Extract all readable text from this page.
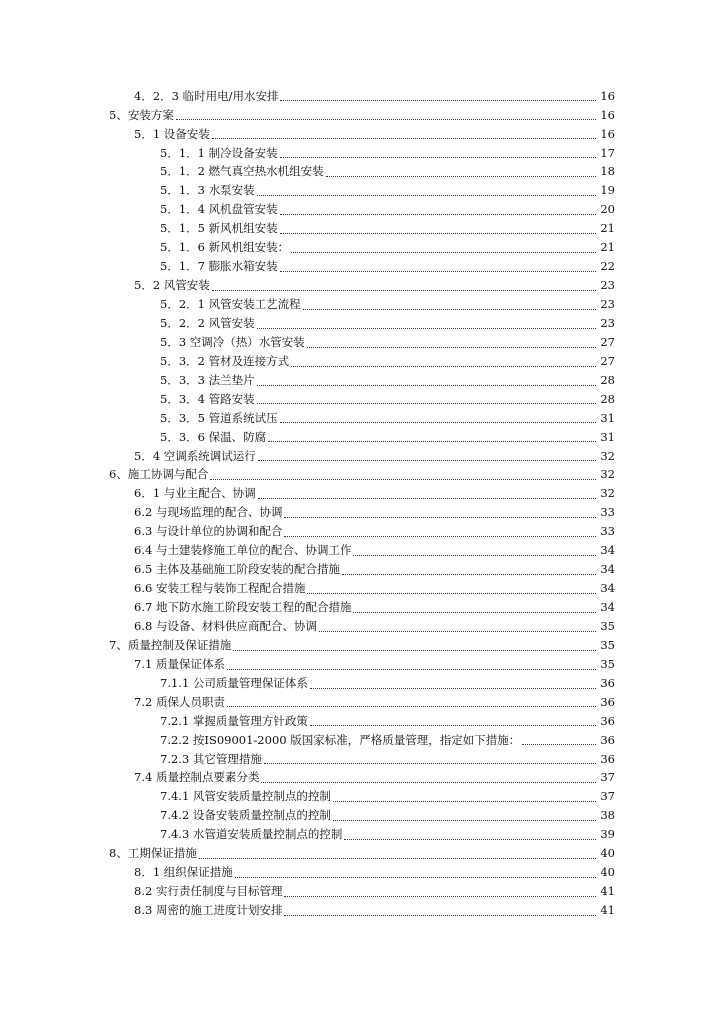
4．2．3 临时用电/用水安排	16
5、安装方案	16
5．1 设备安装	16
5．1．1 制冷设备安装	17
5．1．2 燃气真空热水机组安装	18
5．1．3 水泵安装	19
5．1．4 风机盘管安装	20
5．1．5 新风机组安装	21
5．1．6 新风机组安装：	21
5．1．7 膨胀水箱安装	22
5．2 风管安装	23
5．2．1 风管安装工艺流程	23
5．2．2 风管安装	23
5．3 空调冷（热）水管安装	27
5．3．2 管材及连接方式	27
5．3．3 法兰垫片	28
5．3．4 管路安装	28
5．3．5 管道系统试压	31
5．3．6 保温、防腐	31
5．4 空调系统调试运行	32
6、施工协调与配合	32
6．1 与业主配合、协调	32
6.2 与现场监理的配合、协调	33
6.3 与设计单位的协调和配合	33
6.4 与土建装修施工单位的配合、协调工作	34
6.5 主体及基础施工阶段安装的配合措施	34
6.6 安装工程与装饰工程配合措施	34
6.7 地下防水施工阶段安装工程的配合措施	34
6.8 与设备、材料供应商配合、协调	35
7、质量控制及保证措施	35
7.1 质量保证体系	35
7.1.1 公司质量管理保证体系	36
7.2 质保人员职责	36
7.2.1 掌握质量管理方针政策	36
7.2.2 按IS09001-2000 版国家标准，严格质量管理，指定如下措施：	36
7.2.3 其它管理措施	36
7.4 质量控制点要素分类	37
7.4.1 风管安装质量控制点的控制	37
7.4.2 设备安装质量控制点的控制	38
7.4.3 水管道安装质量控制点的控制	39
8、工期保证措施	40
8．1 组织保证措施	40
8.2 实行责任制度与目标管理	41
8.3 周密的施工进度计划安排	41
